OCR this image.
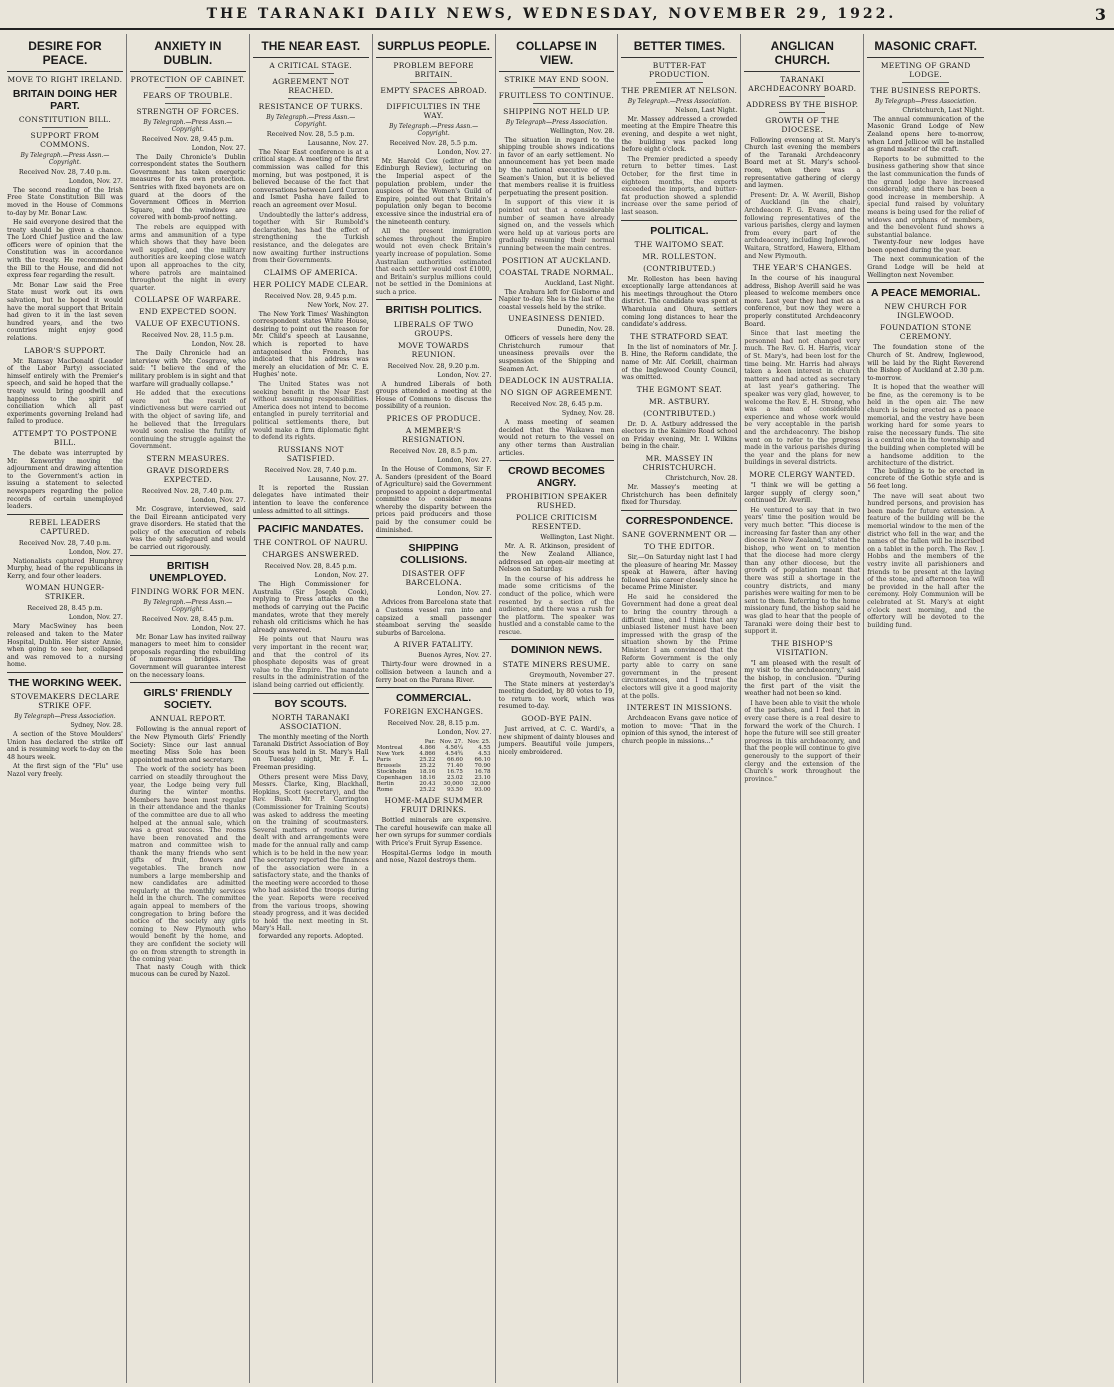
THE TARANAKI DAILY NEWS, WEDNESDAY, NOVEMBER 29, 1922.	3
DESIRE FOR PEACE.
MOVE TO RIGHT IRELAND.
BRITAIN DOING HER PART.
CONSTITUTION BILL.
SUPPORT FROM COMMONS.
By Telegraph.—Press Assn.—Copyright.
Received Nov. 28, 7.40 p.m.
London, Nov. 27.

The second reading of the Irish Free State Constitution Bill was moved in the House of Commons to-day by Mr. Bonar Law.

He said everyone desired that the treaty should be given a chance. The Lord Chief Justice and the law officers were of opinion that the Constitution was in accordance with the treaty. He recommended the Bill to the House, and did not express fear regarding the result.

Mr. Bonar Law said the Free State must work out its own salvation, but he hoped it would have the moral support that Britain had given to it in the last seven hundred years, and the two countries might enjoy good relations.

LABOR'S SUPPORT.

Mr. Ramsay MacDonald (Leader of the Labor Party) associated himself entirely with the Premier's speech, and said he hoped that the treaty would bring goodwill and happiness to the spirit of conciliation which all past experiments governing Ireland had failed to produce.

ATTEMPT TO POSTPONE BILL.

The debate was interrupted by Mr. Kenworthy moving the adjournment and drawing attention to the Government's action in issuing a statement to selected newspapers regarding the police records of certain unemployed leaders.

REBEL LEADERS CAPTURED.
Received Nov. 28, 7.40 p.m.
London, Nov. 27.

Nationalists captured Humphrey Murphy, head of the republicans in Kerry, and four other leaders.

WOMAN HUNGER-STRIKER.
Received 28, 8.45 p.m.
London, Nov. 27.

Mary MacSwiney has been released and taken to the Mater Hospital, Dublin. Her sister Annie, when going to see her, collapsed and was removed to a nursing home.

THE WORKING WEEK.
STOVEMAKERS DECLARE STRIKE OFF.
By Telegraph—Press Association.
Sydney, Nov. 28.

A section of the Stove Moulders' Union has declared the strike off and is resuming work to-day on the 48 hours week.

At the first sign of the "Flu" use Nazol very freely.

ANXIETY IN DUBLIN.
PROTECTION OF CABINET.
FEARS OF TROUBLE.
STRENGTH OF FORCES.
By Telegraph.—Press Assn.—Copyright.
Received Nov. 28, 9.45 p.m.
London, Nov. 27.

The Daily Chronicle's Dublin correspondent states the Southern Government has taken energetic measures for its own protection. Sentries with fixed bayonets are on guard at the doors of the Government Offices in Merrion Square, and the windows are covered with bomb-proof netting.

The rebels are equipped with arms and ammunition of a type which shows that they have been well supplied, and the military authorities are keeping close watch upon all approaches to the city, where patrols are maintained throughout the night in every quarter.

COLLAPSE OF WARFARE.
END EXPECTED SOON.
VALUE OF EXECUTIONS.
Received Nov. 28, 11.5 p.m.
London, Nov. 28.

The Daily Chronicle had an interview with Mr. Cosgrave, who said: "I believe the end of the military problem is in sight and that warfare will gradually collapse."

He added that the executions were not the result of vindictiveness but were carried out with the object of saving life, and he believed that the Irregulars would soon realise the futility of continuing the struggle against the Government.

STERN MEASURES.
GRAVE DISORDERS EXPECTED.
Received Nov. 28, 7.40 p.m.
London, Nov. 27.

Mr. Cosgrave, interviewed, said the Dail Eireann anticipated very grave disorders. He stated that the policy of the execution of rebels was the only safeguard and would be carried out rigorously.

BRITISH UNEMPLOYED.
FINDING WORK FOR MEN.
By Telegraph.—Press Assn.—Copyright.
Received Nov. 28, 8.45 p.m.
London, Nov. 27.

Mr. Bonar Law has invited railway managers to meet him to consider proposals regarding the rebuilding of numerous bridges. The Government will guarantee interest on the necessary loans.

GIRLS' FRIENDLY SOCIETY.
ANNUAL REPORT.

Following is the annual report of the New Plymouth Girls' Friendly Society: Since our last annual meeting Miss Sole has been appointed matron and secretary.

The work of the society has been carried on steadily throughout the year, the Lodge being very full during the winter months. Members have been most regular in their attendance and the thanks of the committee are due to all who helped at the annual sale, which was a great success. The rooms have been renovated and the matron and committee wish to thank the many friends who sent gifts of fruit, flowers and vegetables. The branch now numbers a large membership and new candidates are admitted regularly at the monthly services held in the church. The committee again appeal to members of the congregation to bring before the notice of the society any girls coming to New Plymouth who would benefit by the home, and they are confident the society will go on from strength to strength in the coming year.

That nasty Cough with thick mucous can be cured by Nazol.

THE NEAR EAST.
A CRITICAL STAGE.
AGREEMENT NOT REACHED.
RESISTANCE OF TURKS.
By Telegraph.—Press Assn.—Copyright.
Received Nov. 28, 5.5 p.m.
Lausanne, Nov. 27.

The Near East conference is at a critical stage. A meeting of the first commission was called for this morning, but was postponed, it is believed because of the fact that conversations between Lord Curzon and Ismet Pasha have failed to reach an agreement over Mosul.

Undoubtedly the latter's address, together with Sir Rumbold's declaration, has had the effect of strengthening the Turkish resistance, and the delegates are now awaiting further instructions from their Governments.

CLAIMS OF AMERICA.
HER POLICY MADE CLEAR.
Received Nov. 28, 9.45 p.m.
New York, Nov. 27.

The New York Times' Washington correspondent states White House, desiring to point out the reason for Mr. Child's speech at Lausanne, which is reported to have antagonised the French, has indicated that his address was merely an elucidation of Mr. C. E. Hughes' note.

The United States was not seeking benefit in the Near East without assuming responsibilities. America does not intend to become entangled in purely territorial and political settlements there, but would make a firm diplomatic fight to defend its rights.

RUSSIANS NOT SATISFIED.
Received Nov. 28, 7.40 p.m.
Lausanne, Nov. 27.

It is reported the Russian delegates have intimated their intention to leave the conference unless admitted to all sittings.

PACIFIC MANDATES.
THE CONTROL OF NAURU.
CHARGES ANSWERED.
Received Nov. 28, 8.45 p.m.
London, Nov. 27.

The High Commissioner for Australia (Sir Joseph Cook), replying to Press attacks on the methods of carrying out the Pacific mandates, wrote that they merely rehash old criticisms which he has already answered.

He points out that Nauru was very important in the recent war, and that the control of its phosphate deposits was of great value to the Empire. The mandate results in the administration of the island being carried out efficiently.

BOY SCOUTS.
NORTH TARANAKI ASSOCIATION.

The monthly meeting of the North Taranaki District Association of Boy Scouts was held in St. Mary's Hall on Tuesday night, Mr. F. L. Freeman presiding.

Others present were Miss Davy, Messrs. Clarke, King, Blackhall, Hopkins, Scott (secretary), and the Rev. Bush. Mr. P. Carrington (Commissioner for Training Scouts) was asked to address the meeting on the training of scoutmasters. Several matters of routine were dealt with and arrangements were made for the annual rally and camp which is to be held in the new year. The secretary reported the finances of the association were in a satisfactory state, and the thanks of the meeting were accorded to those who had assisted the troops during the year. Reports were received from the various troops, showing steady progress, and it was decided to hold the next meeting in St. Mary's Hall.

forwarded any reports. Adopted.

SURPLUS PEOPLE.
PROBLEM BEFORE BRITAIN.
EMPTY SPACES ABROAD.
DIFFICULTIES IN THE WAY.
By Telegraph.—Press Assn.—Copyright.
Received Nov. 28, 5.5 p.m.
London, Nov. 27.

Mr. Harold Cox (editor of the Edinburgh Review), lecturing on the Imperial aspect of the population problem, under the auspices of the Women's Guild of Empire, pointed out that Britain's population only began to become excessive since the industrial era of the nineteenth century.

All the present immigration schemes throughout the Empire would not even check Britain's yearly increase of population. Some Australian authorities estimated that each settler would cost £1000, and Britain's surplus millions could not be settled in the Dominions at such a price.

BRITISH POLITICS.
LIBERALS OF TWO GROUPS.
MOVE TOWARDS REUNION.
Received Nov. 28, 9.20 p.m.
London, Nov. 27.

A hundred Liberals of both groups attended a meeting at the House of Commons to discuss the possibility of a reunion.

PRICES OF PRODUCE.
A MEMBER'S RESIGNATION.
Received Nov. 28, 8.5 p.m.
London, Nov. 27.

In the House of Commons, Sir F. A. Sanders (president of the Board of Agriculture) said the Government proposed to appoint a departmental committee to consider means whereby the disparity between the prices paid producers and those paid by the consumer could be diminished.

SHIPPING COLLISIONS.
DISASTER OFF BARCELONA.
London, Nov. 27.

Advices from Barcelona state that a Customs vessel ran into and capsized a small passenger steamboat serving the seaside suburbs of Barcelona.

A RIVER FATALITY.
Buenos Ayres, Nov. 27.

Thirty-four were drowned in a collision between a launch and a ferry boat on the Parana River.

COMMERCIAL.
FOREIGN EXCHANGES.
Received Nov. 28, 8.15 p.m.
London, Nov. 27.
	Par.	Nov. 27.	Nov. 25.
Montreal	4.866	4.56¼	4.55
New York	4.866	4.54¾	4.53
Paris	25.22	66.60	66.10
Brussels	25.22	71.40	70.90
Stockholm	18.16	16.75	16.78
Copenhagen	18.16	23.02	23.10
Berlin	20.43	30,000	32,000
Rome	25.22	93.50	93.00
HOME-MADE SUMMER FRUIT DRINKS.

Bottled minerals are expensive. The careful housewife can make all her own syrups for summer cordials with Price's Fruit Syrup Essence.

Hospital-Germs lodge in mouth and nose, Nazol destroys them.

COLLAPSE IN VIEW.
STRIKE MAY END SOON.
FRUITLESS TO CONTINUE.
SHIPPING NOT HELD UP.
By Telegraph—Press Association.
Wellington, Nov. 28.

The situation in regard to the shipping trouble shows indications in favor of an early settlement. No announcement has yet been made by the national executive of the Seamen's Union, but it is believed that members realise it is fruitless perpetuating the present position.

In support of this view it is pointed out that a considerable number of seamen have already signed on, and the vessels which were held up at various ports are gradually resuming their normal running between the main centres.

POSITION AT AUCKLAND.
COASTAL TRADE NORMAL.
Auckland, Last Night.

The Arahura left for Gisborne and Napier to-day. She is the last of the coastal vessels held by the strike.

UNEASINESS DENIED.
Dunedin, Nov. 28.

Officers of vessels here deny the Christchurch rumour that uneasiness prevails over the suspension of the Shipping and Seamen Act.

DEADLOCK IN AUSTRALIA.
NO SIGN OF AGREEMENT.
Received Nov. 28, 6.45 p.m.
Sydney, Nov. 28.

A mass meeting of seamen decided that the Waikawa men would not return to the vessel on any other terms than Australian articles.

CROWD BECOMES ANGRY.
PROHIBITION SPEAKER RUSHED.
POLICE CRITICISM RESENTED.
Wellington, Last Night.

Mr. A. R. Atkinson, president of the New Zealand Alliance, addressed an open-air meeting at Nelson on Saturday.

In the course of his address he made some criticisms of the conduct of the police, which were resented by a section of the audience, and there was a rush for the platform. The speaker was hustled and a constable came to the rescue.

DOMINION NEWS.
STATE MINERS RESUME.
Greymouth, November 27.

The State miners at yesterday's meeting decided, by 80 votes to 19, to return to work, which was resumed to-day.

GOOD-BYE PAIN.

Just arrived, at C. C. Wardi's, a new shipment of dainty blouses and jumpers. Beautiful voile jumpers, nicely embroidered.

BETTER TIMES.
BUTTER-FAT PRODUCTION.
THE PREMIER AT NELSON.
By Telegraph.—Press Association.
Nelson, Last Night.

Mr. Massey addressed a crowded meeting at the Empire Theatre this evening, and despite a wet night, the building was packed long before eight o'clock.

The Premier predicted a speedy return to better times. Last October, for the first time in eighteen months, the exports exceeded the imports, and butter-fat production showed a splendid increase over the same period of last season.

POLITICAL.
THE WAITOMO SEAT.
MR. ROLLESTON.
(CONTRIBUTED.)

Mr. Rolleston has been having exceptionally large attendances at his meetings throughout the Otoro district. The candidate was spent at Wharehuia and Ohura, settlers coming long distances to hear the candidate's address.

THE STRATFORD SEAT.

In the list of nominators of Mr. J. B. Hine, the Reform candidate, the name of Mr. Alf. Corkill, chairman of the Inglewood County Council, was omitted.

THE EGMONT SEAT.
MR. ASTBURY.
(CONTRIBUTED.)

Dr. D. A. Astbury addressed the electors in the Kaimiro Road school on Friday evening, Mr. I. Wilkins being in the chair.

MR. MASSEY IN CHRISTCHURCH.
Christchurch, Nov. 28.

Mr. Massey's meeting at Christchurch has been definitely fixed for Thursday.

CORRESPONDENCE.
SANE GOVERNMENT OR —
TO THE EDITOR.

Sir,—On Saturday night last I had the pleasure of hearing Mr. Massey speak at Hawera, after having followed his career closely since he became Prime Minister.

He said he considered the Government had done a great deal to bring the country through a difficult time, and I think that any unbiased listener must have been impressed with the grasp of the situation shown by the Prime Minister. I am convinced that the Reform Government is the only party able to carry on sane government in the present circumstances, and I trust the electors will give it a good majority at the polls.

INTEREST IN MISSIONS.

Archdeacon Evans gave notice of motion to move: "That in the opinion of this synod, the interest of church people in missions..."

ANGLICAN CHURCH.
TARANAKI ARCHDEACONRY BOARD.
ADDRESS BY THE BISHOP.
GROWTH OF THE DIOCESE.

Following evensong at St. Mary's Church last evening the members of the Taranaki Archdeaconry Board met at St. Mary's school-room, when there was a representative gathering of clergy and laymen.

Present: Dr. A. W. Averill, Bishop of Auckland (in the chair), Archdeacon F. G. Evans, and the following representatives of the various parishes, clergy and laymen from every part of the archdeaconry, including Inglewood, Waitara, Stratford, Hawera, Eltham and New Plymouth.

THE YEAR'S CHANGES.

In the course of his inaugural address, Bishop Averill said he was pleased to welcome members once more. Last year they had met as a conference, but now they were a properly constituted Archdeaconry Board.

Since that last meeting the personnel had not changed very much. The Rev. G. H. Harris, vicar of St. Mary's, had been lost for the time being. Mr. Harris had always taken a keen interest in church matters and had acted as secretary at last year's gathering. The speaker was very glad, however, to welcome the Rev. E. H. Strong, who was a man of considerable experience and whose work would be very acceptable in the parish and the archdeaconry. The bishop went on to refer to the progress made in the various parishes during the year and the plans for new buildings in several districts.

MORE CLERGY WANTED.

"I think we will be getting a larger supply of clergy soon," continued Dr. Averill.

He ventured to say that in two years' time the position would be very much better. "This diocese is increasing far faster than any other diocese in New Zealand," stated the bishop, who went on to mention that the diocese had more clergy than any other diocese, but the growth of population meant that there was still a shortage in the country districts, and many parishes were waiting for men to be sent to them. Referring to the home missionary fund, the bishop said he was glad to hear that the people of Taranaki were doing their best to support it.

THE BISHOP'S VISITATION.

"I am pleased with the result of my visit to the archdeaconry," said the bishop, in conclusion. "During the first part of the visit the weather had not been so kind.

I have been able to visit the whole of the parishes, and I feel that in every case there is a real desire to forward the work of the Church. I hope the future will see still greater progress in this archdeaconry, and that the people will continue to give generously to the support of their clergy and the extension of the Church's work throughout the province."

MASONIC CRAFT.
MEETING OF GRAND LODGE.
THE BUSINESS REPORTS.
By Telegraph—Press Association.
Christchurch, Last Night.

The annual communication of the Masonic Grand Lodge of New Zealand opens here to-morrow, when Lord Jellicoe will be installed as grand master of the craft.

Reports to be submitted to the business gathering show that since the last communication the funds of the grand lodge have increased considerably, and there has been a good increase in membership. A special fund raised by voluntary means is being used for the relief of widows and orphans of members, and the benevolent fund shows a substantial balance.

Twenty-four new lodges have been opened during the year.

The next communication of the Grand Lodge will be held at Wellington next November.

A PEACE MEMORIAL.
NEW CHURCH FOR INGLEWOOD.
FOUNDATION STONE CEREMONY.

The foundation stone of the Church of St. Andrew, Inglewood, will be laid by the Right Reverend the Bishop of Auckland at 2.30 p.m. to-morrow.

It is hoped that the weather will be fine, as the ceremony is to be held in the open air. The new church is being erected as a peace memorial, and the vestry have been working hard for some years to raise the necessary funds. The site is a central one in the township and the building when completed will be a handsome addition to the architecture of the district.

The building is to be erected in concrete of the Gothic style and is 56 feet long.

The nave will seat about two hundred persons, and provision has been made for future extension. A feature of the building will be the memorial window to the men of the district who fell in the war, and the names of the fallen will be inscribed on a tablet in the porch. The Rev. J. Hobbs and the members of the vestry invite all parishioners and friends to be present at the laying of the stone, and afternoon tea will be provided in the hall after the ceremony. Holy Communion will be celebrated at St. Mary's at eight o'clock next morning, and the offertory will be devoted to the building fund.
